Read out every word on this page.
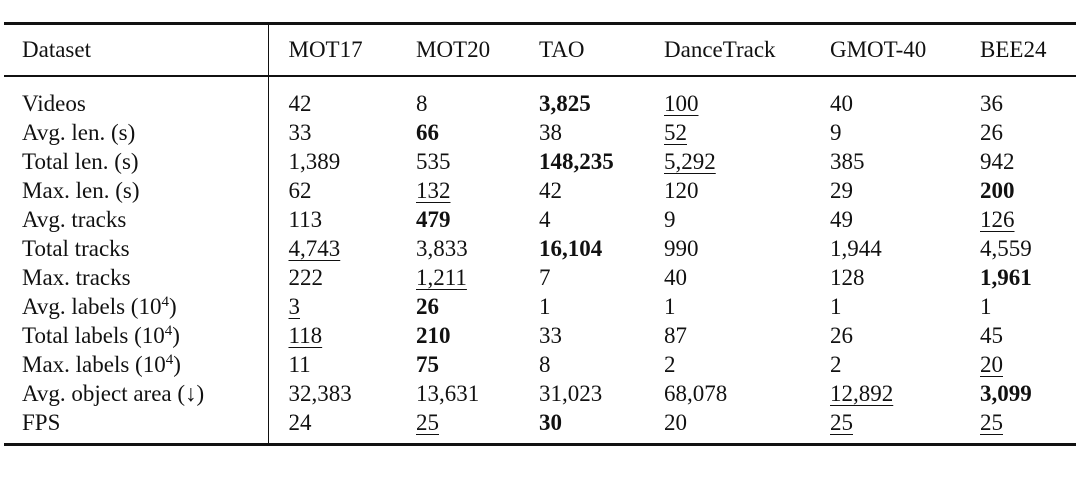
Dataset	MOT17	MOT20	TAO	DanceTrack	GMOT-40	BEE24
Videos	42	8	3,825	100	40	36
Avg. len. (s)	33	66	38	52	9	26
Total len. (s)	1,389	535	148,235	5,292	385	942
Max. len. (s)	62	132	42	120	29	200
Avg. tracks	113	479	4	9	49	126
Total tracks	4,743	3,833	16,104	990	1,944	4,559
Max. tracks	222	1,211	7	40	128	1,961
Avg. labels $(10^4)$	3	26	1	1	1	1
Total labels $(10^4)$	118	210	33	87	26	45
Max. labels $(10^4)$	11	75	8	2	2	20
Avg. object area (↓)	32,383	13,631	31,023	68,078	12,892	3,099
FPS	24	25	30	20	25	25
